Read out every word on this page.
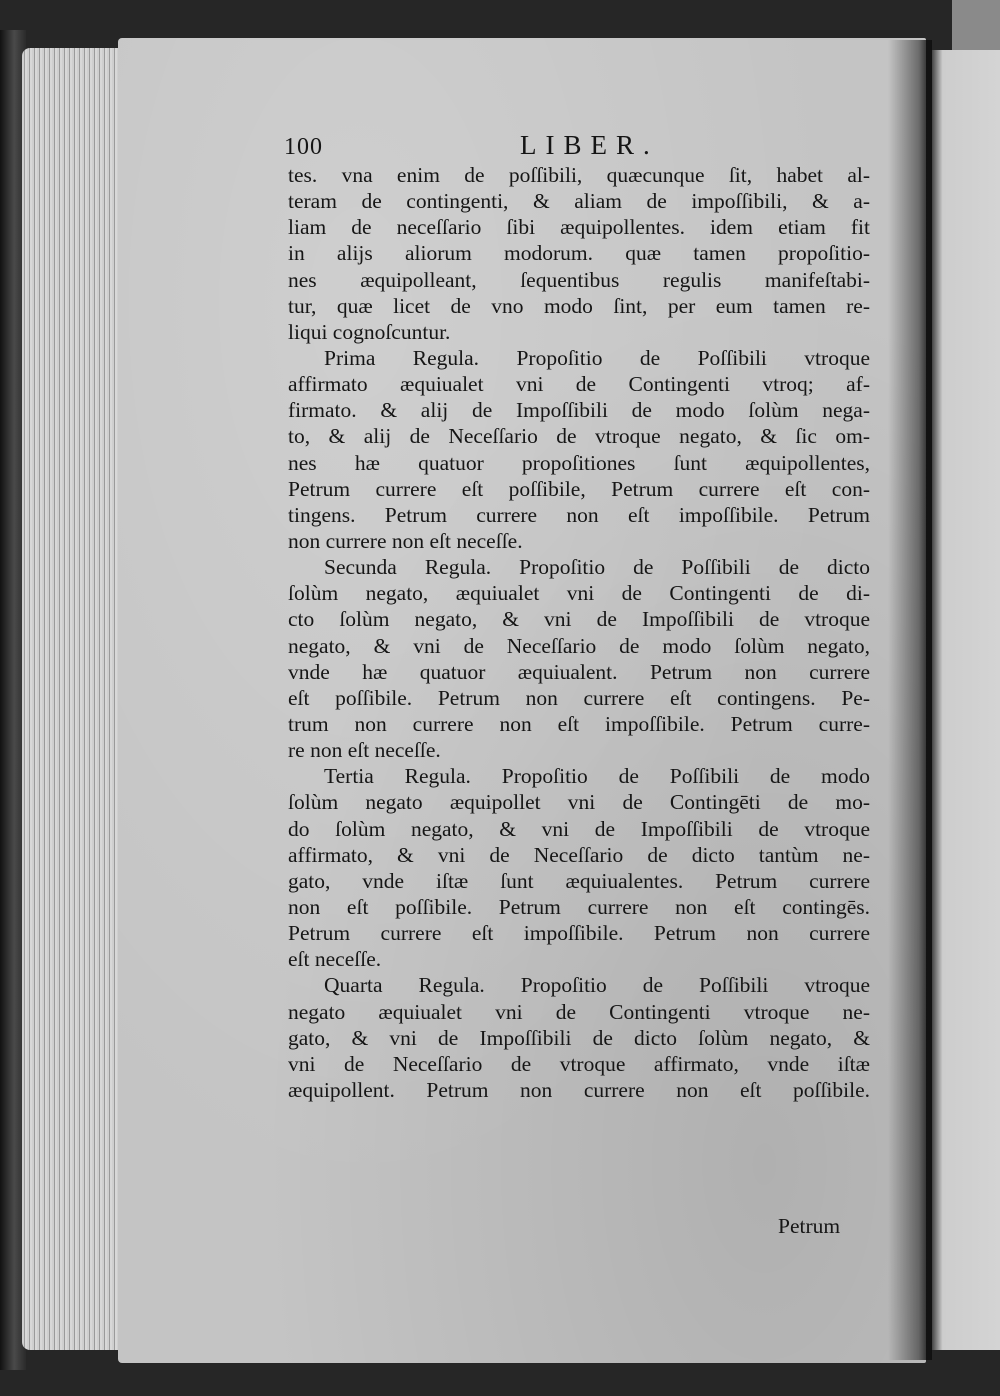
100	LIBER.
tes. vna enim de poſſibili, quæcunque ſit, habet al-
teram de contingenti, & aliam de impoſſibili, & a-
liam de neceſſario ſibi æquipollentes. idem etiam fit
in alijs aliorum modorum. quæ tamen propoſitio-
nes æquipolleant, ſequentibus regulis manifeſtabi-
tur, quæ licet de vno modo ſint, per eum tamen re-
liqui cognoſcuntur.
Prima Regula. Propoſitio de Poſſibili vtroque
affirmato æquiualet vni de Contingenti vtroq; af-
firmato. & alij de Impoſſibili de modo ſolùm nega-
to, & alij de Neceſſario de vtroque negato, & ſic om-
nes hæ quatuor propoſitiones ſunt æquipollentes,
Petrum currere eſt poſſibile, Petrum currere eſt con-
tingens. Petrum currere non eſt impoſſibile. Petrum
non currere non eſt neceſſe.
Secunda Regula. Propoſitio de Poſſibili de dicto
ſolùm negato, æquiualet vni de Contingenti de di-
cto ſolùm negato, & vni de Impoſſibili de vtroque
negato, & vni de Neceſſario de modo ſolùm negato,
vnde hæ quatuor æquiualent. Petrum non currere
eſt poſſibile. Petrum non currere eſt contingens. Pe-
trum non currere non eſt impoſſibile. Petrum curre-
re non eſt neceſſe.
Tertia Regula. Propoſitio de Poſſibili de modo
ſolùm negato æquipollet vni de Contingēti de mo-
do ſolùm negato, & vni de Impoſſibili de vtroque
affirmato, & vni de Neceſſario de dicto tantùm ne-
gato, vnde iſtæ ſunt æquiualentes. Petrum currere
non eſt poſſibile. Petrum currere non eſt contingēs.
Petrum currere eſt impoſſibile. Petrum non currere
eſt neceſſe.
Quarta Regula. Propoſitio de Poſſibili vtroque
negato æquiualet vni de Contingenti vtroque ne-
gato, & vni de Impoſſibili de dicto ſolùm negato, &
vni de Neceſſario de vtroque affirmato, vnde iſtæ
æquipollent. Petrum non currere non eſt poſſibile.
Petrum
